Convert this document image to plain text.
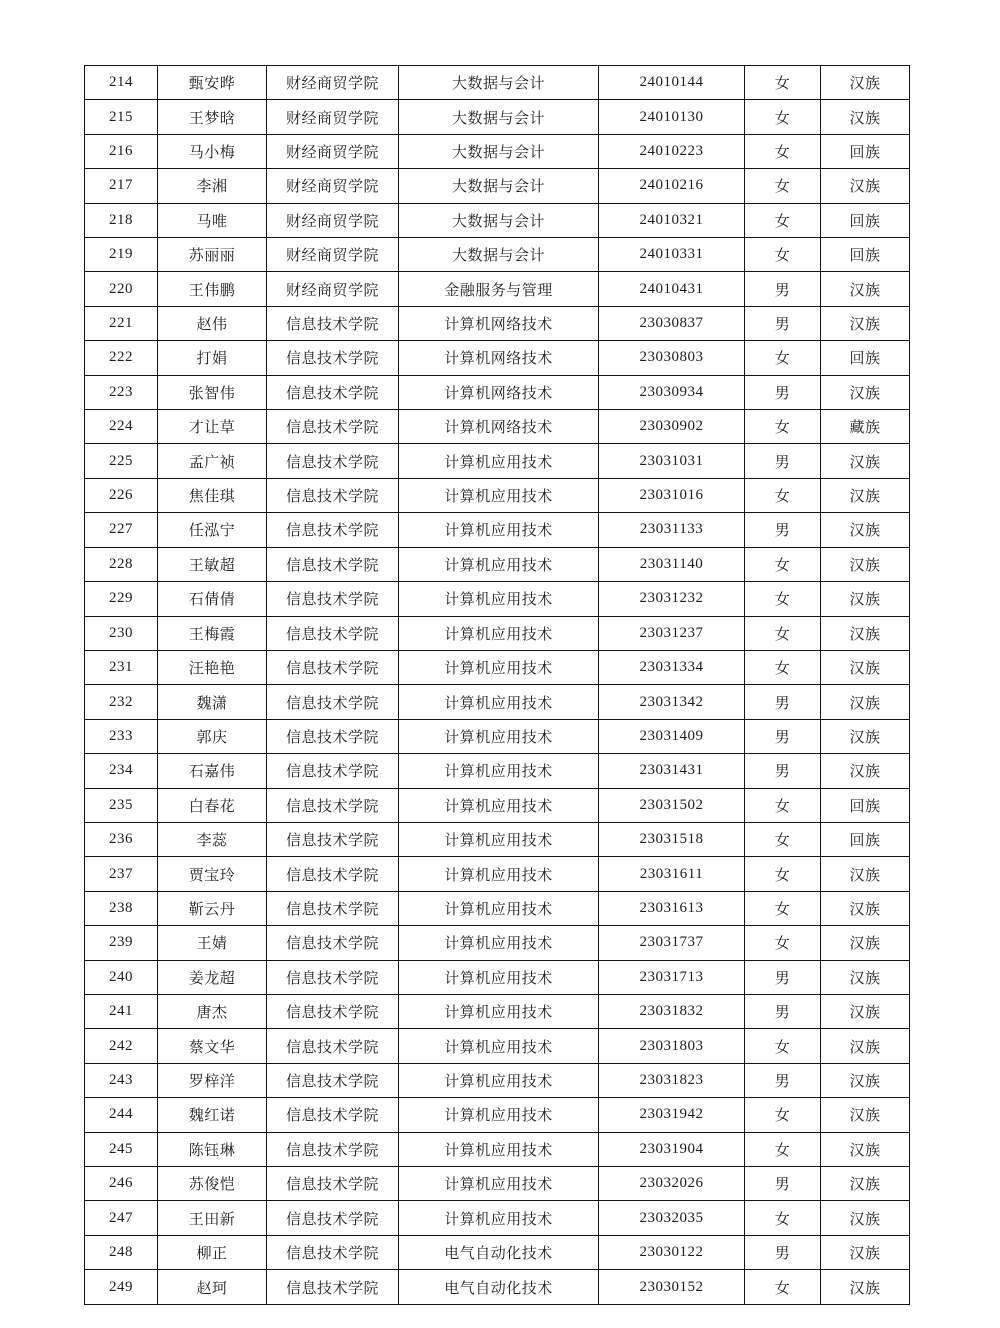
214	甄安晔	财经商贸学院	大数据与会计	24010144	女	汉族
215	王梦晗	财经商贸学院	大数据与会计	24010130	女	汉族
216	马小梅	财经商贸学院	大数据与会计	24010223	女	回族
217	李湘	财经商贸学院	大数据与会计	24010216	女	汉族
218	马唯	财经商贸学院	大数据与会计	24010321	女	回族
219	苏丽丽	财经商贸学院	大数据与会计	24010331	女	回族
220	王伟鹏	财经商贸学院	金融服务与管理	24010431	男	汉族
221	赵伟	信息技术学院	计算机网络技术	23030837	男	汉族
222	打娟	信息技术学院	计算机网络技术	23030803	女	回族
223	张智伟	信息技术学院	计算机网络技术	23030934	男	汉族
224	才让草	信息技术学院	计算机网络技术	23030902	女	藏族
225	孟广祯	信息技术学院	计算机应用技术	23031031	男	汉族
226	焦佳琪	信息技术学院	计算机应用技术	23031016	女	汉族
227	任泓宁	信息技术学院	计算机应用技术	23031133	男	汉族
228	王敏超	信息技术学院	计算机应用技术	23031140	女	汉族
229	石倩倩	信息技术学院	计算机应用技术	23031232	女	汉族
230	王梅霞	信息技术学院	计算机应用技术	23031237	女	汉族
231	汪艳艳	信息技术学院	计算机应用技术	23031334	女	汉族
232	魏潇	信息技术学院	计算机应用技术	23031342	男	汉族
233	郭庆	信息技术学院	计算机应用技术	23031409	男	汉族
234	石嘉伟	信息技术学院	计算机应用技术	23031431	男	汉族
235	白春花	信息技术学院	计算机应用技术	23031502	女	回族
236	李蕊	信息技术学院	计算机应用技术	23031518	女	回族
237	贾宝玲	信息技术学院	计算机应用技术	23031611	女	汉族
238	靳云丹	信息技术学院	计算机应用技术	23031613	女	汉族
239	王婧	信息技术学院	计算机应用技术	23031737	女	汉族
240	姜龙超	信息技术学院	计算机应用技术	23031713	男	汉族
241	唐杰	信息技术学院	计算机应用技术	23031832	男	汉族
242	蔡文华	信息技术学院	计算机应用技术	23031803	女	汉族
243	罗梓洋	信息技术学院	计算机应用技术	23031823	男	汉族
244	魏红诺	信息技术学院	计算机应用技术	23031942	女	汉族
245	陈钰琳	信息技术学院	计算机应用技术	23031904	女	汉族
246	苏俊恺	信息技术学院	计算机应用技术	23032026	男	汉族
247	王田新	信息技术学院	计算机应用技术	23032035	女	汉族
248	柳正	信息技术学院	电气自动化技术	23030122	男	汉族
249	赵珂	信息技术学院	电气自动化技术	23030152	女	汉族
